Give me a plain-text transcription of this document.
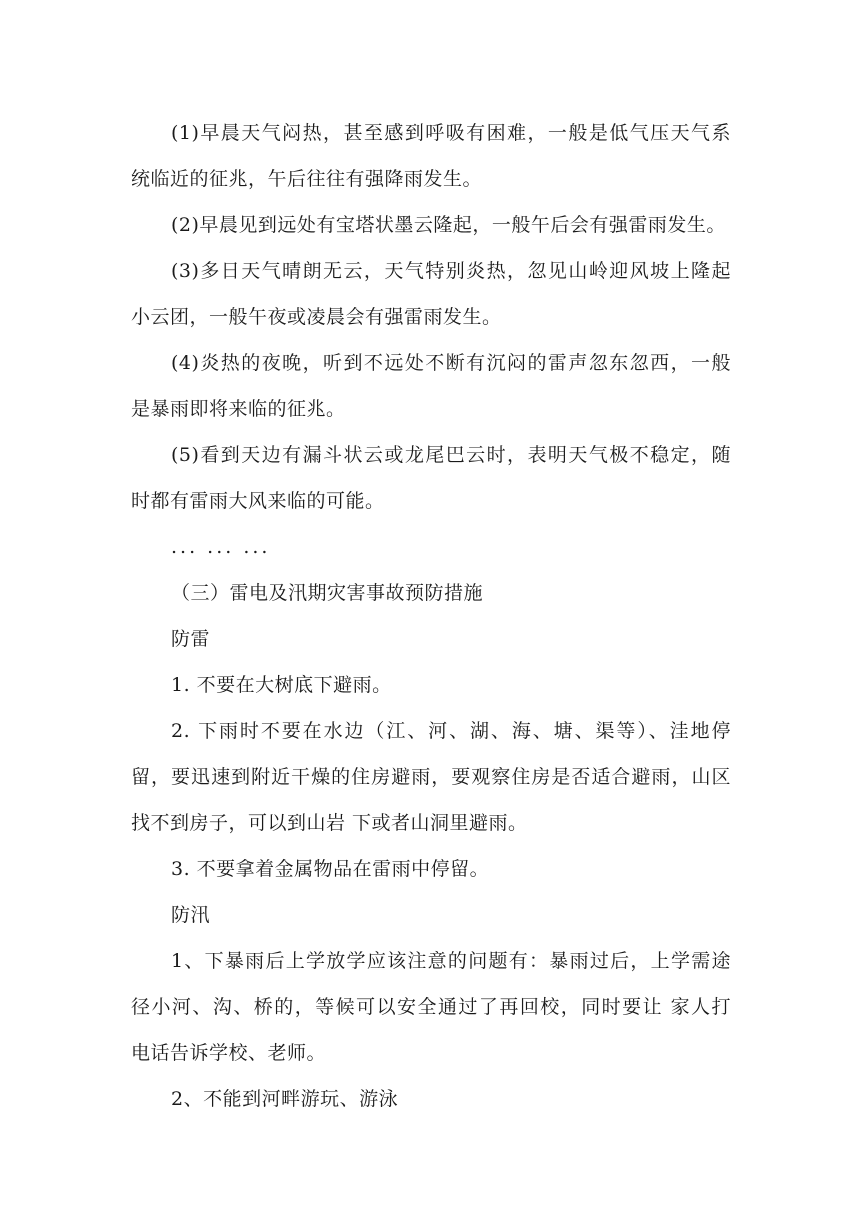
(1)早晨天气闷热，甚至感到呼吸有困难，一般是低气压天气系
统临近的征兆，午后往往有强降雨发生。
(2)早晨见到远处有宝塔状墨云隆起，一般午后会有强雷雨发生。
(3)多日天气晴朗无云，天气特别炎热，忽见山岭迎风坡上隆起
小云团，一般午夜或凌晨会有强雷雨发生。
(4)炎热的夜晚，听到不远处不断有沉闷的雷声忽东忽西，一般
是暴雨即将来临的征兆。
(5)看到天边有漏斗状云或龙尾巴云时，表明天气极不稳定，随
时都有雷雨大风来临的可能。
... ... ...
（三）雷电及汛期灾害事故预防措施
防雷
1. 不要在大树底下避雨。
2. 下雨时不要在水边（江、河、湖、海、塘、渠等）、洼地停
留，要迅速到附近干燥的住房避雨，要观察住房是否适合避雨，山区
找不到房子，可以到山岩 下或者山洞里避雨。
3. 不要拿着金属物品在雷雨中停留。
防汛
1、下暴雨后上学放学应该注意的问题有：暴雨过后，上学需途
径小河、沟、桥的，等候可以安全通过了再回校，同时要让 家人打
电话告诉学校、老师。
2、不能到河畔游玩、游泳
